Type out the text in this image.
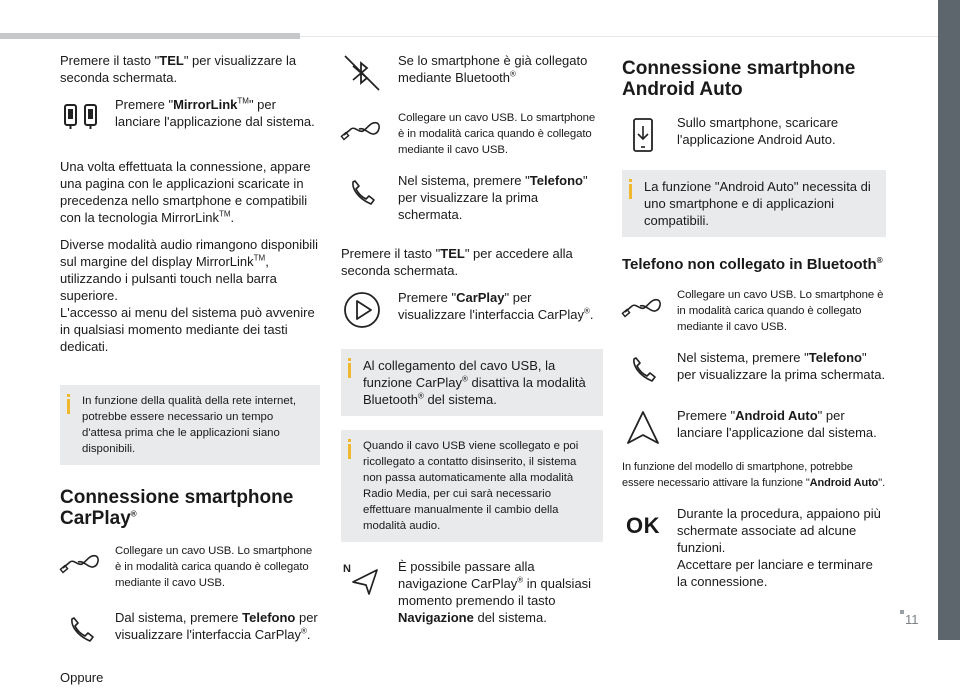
Premere il tasto "TEL" per visualizzare la seconda schermata.

Premere "MirrorLink™" per lanciare l'applicazione dal sistema.

Una volta effettuata la connessione, appare una pagina con le applicazioni scaricate in precedenza nello smartphone e compatibili con la tecnologia MirrorLink™.

Diverse modalità audio rimangono disponibili sul margine del display MirrorLink™, utilizzando i pulsanti touch nella barra superiore.
L'accesso ai menu del sistema può avvenire in qualsiasi momento mediante dei tasti dedicati.

In funzione della qualità della rete internet, potrebbe essere necessario un tempo d'attesa prima che le applicazioni siano disponibili.
Connessione smartphone CarPlay®
Collegare un cavo USB. Lo smartphone è in modalità carica quando è collegato mediante il cavo USB.
Dal sistema, premere Telefono per visualizzare l'interfaccia CarPlay®.

Oppure

Se lo smartphone è già collegato mediante Bluetooth®
Collegare un cavo USB. Lo smartphone è in modalità carica quando è collegato mediante il cavo USB.
Nel sistema, premere "Telefono" per visualizzare la prima schermata.

Premere il tasto "TEL" per accedere alla seconda schermata.

Premere "CarPlay" per visualizzare l'interfaccia CarPlay®.
Al collegamento del cavo USB, la funzione CarPlay® disattiva la modalità Bluetooth® del sistema.
Quando il cavo USB viene scollegato e poi ricollegato a contatto disinserito, il sistema non passa automaticamente alla modalità Radio Media, per cui sarà necessario effettuare manualmente il cambio della modalità audio.
N	È possibile passare alla navigazione CarPlay® in qualsiasi momento premendo il tasto Navigazione del sistema.
Connessione smartphone Android Auto
Sullo smartphone, scaricare l'applicazione Android Auto.
La funzione "Android Auto" necessita di uno smartphone e di applicazioni compatibili.
Telefono non collegato in Bluetooth®
Collegare un cavo USB. Lo smartphone è in modalità carica quando è collegato mediante il cavo USB.
Nel sistema, premere "Telefono" per visualizzare la prima schermata.
Premere "Android Auto" per lanciare l'applicazione dal sistema.

In funzione del modello di smartphone, potrebbe essere necessario attivare la funzione "Android Auto".

OK	Durante la procedura, appaiono più schermate associate ad alcune funzioni.
Accettare per lanciare e terminare la connessione.
11
